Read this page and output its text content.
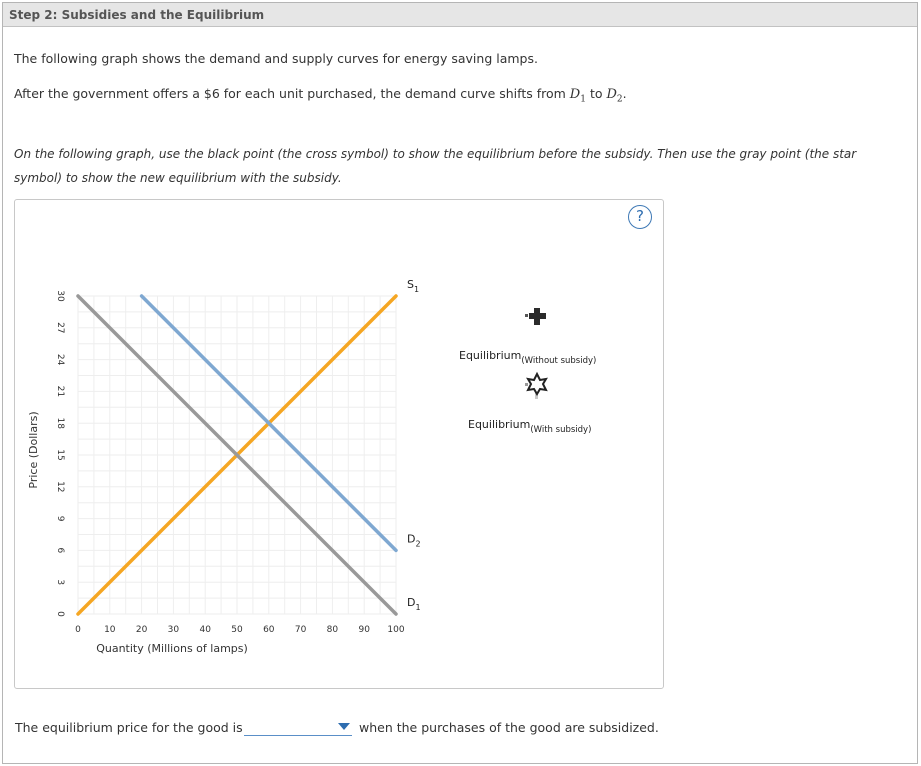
Step 2: Subsidies and the Equilibrium
The following graph shows the demand and supply curves for energy saving lamps.
After the government offers a $6 for each unit purchased, the demand curve shifts from $D_1$ to $D_2$.
On the following graph, use the black point (the cross symbol) to show the equilibrium before the subsidy. Then use the gray point (the star
symbol) to show the new equilibrium with the subsidy.
?
0	10 20 30 40 50 60 70 80 90 100
0
3
6
9
12
15
18
21
24
27
30
$S_1$
$D_2$
$D_1$
Quantity (Millions of lamps)
Price (Dollars)
Equilibrium$_{(Without subsidy)}$
Equilibrium$_{(With subsidy)}$
The equilibrium price for the good is	when the purchases of the good are subsidized.
